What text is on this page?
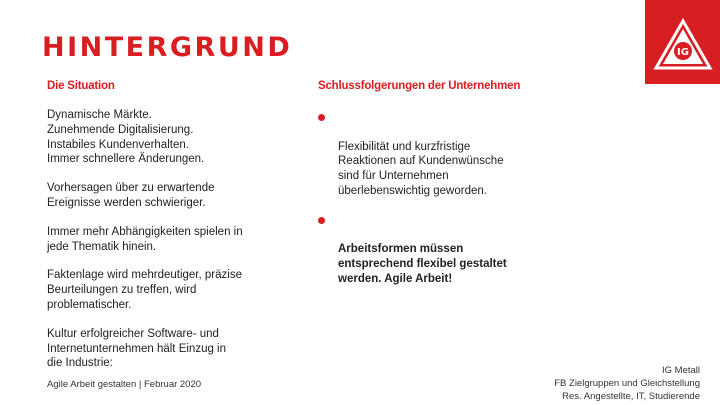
HINTERGRUND	IG
Die Situation	Schlussfolgerungen der Unternehmen

Dynamische Märkte.
Zunehmende Digitalisierung.
Instabiles Kundenverhalten.
Immer schnellere Änderungen.

Vorhersagen über zu erwartende
Ereignisse werden schwieriger.

Immer mehr Abhängigkeiten spielen in
jede Thematik hinein.

Faktenlage wird mehrdeutiger, präzise
Beurteilungen zu treffen, wird
problematischer.

Kultur erfolgreicher Software- und
Internetunternehmen hält Einzug in
die Industrie:

Flexibilität und kurzfristige
Reaktionen auf Kundenwünsche
sind für Unternehmen
überlebenswichtig geworden.

Arbeitsformen müssen
entsprechend flexibel gestaltet
werden. Agile Arbeit!

Agile Arbeit gestalten | Februar 2020
IG Metall
FB Zielgruppen und Gleichstellung
Res. Angestellte, IT, Studierende
